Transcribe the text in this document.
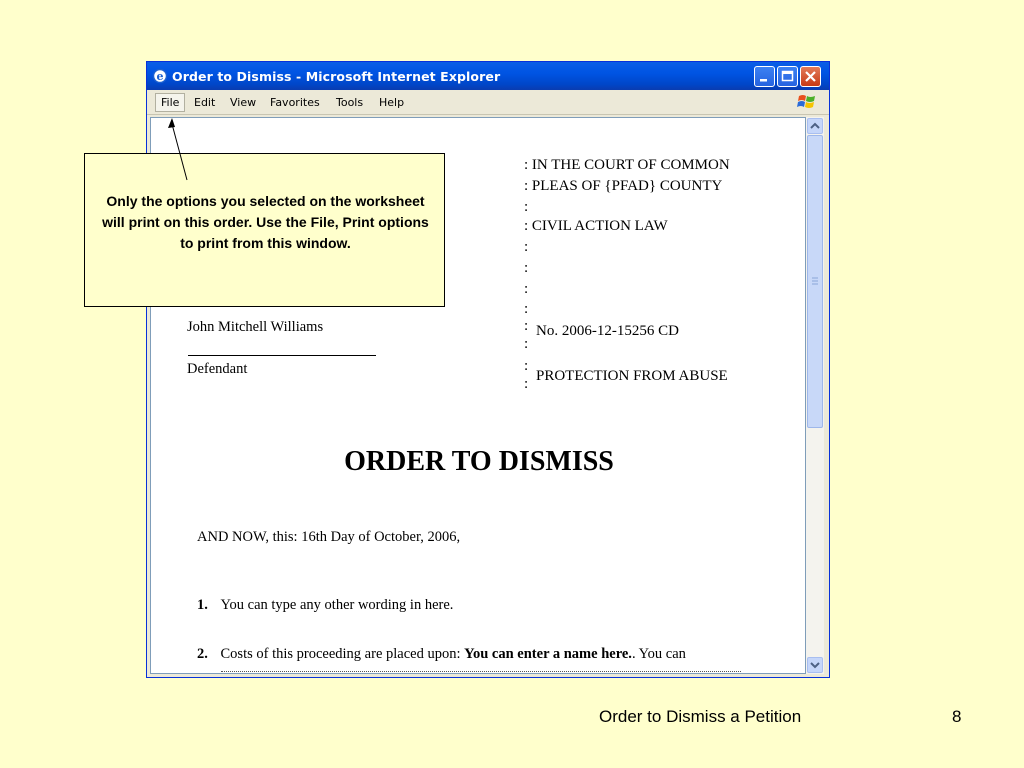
e Order to Dismiss - Microsoft Internet Explorer
File	Edit View Favorites Tools Help
: IN THE COURT OF COMMON
: PLEAS OF {PFAD} COUNTY
:
: CIVIL ACTION LAW
:
:
:
:
: No. 2006-12-15256 CD
:
:
PROTECTION FROM ABUSE
:
John Mitchell Williams
Defendant
ORDER TO DISMISS
AND NOW, this: 16th Day of October, 2006,
1. You can type any other wording in here.
2. Costs of this proceeding are placed upon: You can enter a name here.. You can
Only the options you selected on the worksheet will print on this order. Use the File, Print options to print from this window.
Order to Dismiss a Petition	8
